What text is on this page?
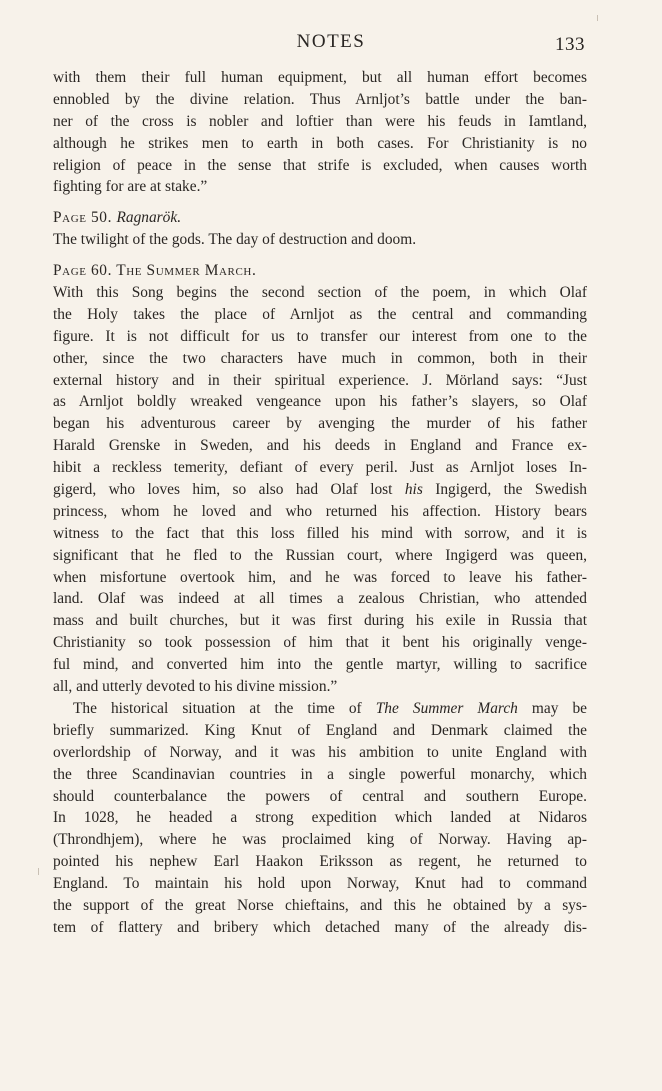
NOTES	133
with them their full human equipment, but all human effort becomes
ennobled by the divine relation. Thus Arnljot’s battle under the ban-
ner of the cross is nobler and loftier than were his feuds in Iamtland,
although he strikes men to earth in both cases. For Christianity is no
religion of peace in the sense that strife is excluded, when causes worth
fighting for are at stake.”
Page 50. Ragnarök.
The twilight of the gods. The day of destruction and doom.
Page 60. The Summer March.
With this Song begins the second section of the poem, in which Olaf
the Holy takes the place of Arnljot as the central and commanding
figure. It is not difficult for us to transfer our interest from one to the
other, since the two characters have much in common, both in their
external history and in their spiritual experience. J. Mörland says: “Just
as Arnljot boldly wreaked vengeance upon his father’s slayers, so Olaf
began his adventurous career by avenging the murder of his father
Harald Grenske in Sweden, and his deeds in England and France ex-
hibit a reckless temerity, defiant of every peril. Just as Arnljot loses In-
gigerd, who loves him, so also had Olaf lost his Ingigerd, the Swedish
princess, whom he loved and who returned his affection. History bears
witness to the fact that this loss filled his mind with sorrow, and it is
significant that he fled to the Russian court, where Ingigerd was queen,
when misfortune overtook him, and he was forced to leave his father-
land. Olaf was indeed at all times a zealous Christian, who attended
mass and built churches, but it was first during his exile in Russia that
Christianity so took possession of him that it bent his originally venge-
ful mind, and converted him into the gentle martyr, willing to sacrifice
all, and utterly devoted to his divine mission.”
The historical situation at the time of The Summer March may be
briefly summarized. King Knut of England and Denmark claimed the
overlordship of Norway, and it was his ambition to unite England with
the three Scandinavian countries in a single powerful monarchy, which
should counterbalance the powers of central and southern Europe.
In 1028, he headed a strong expedition which landed at Nidaros
(Throndhjem), where he was proclaimed king of Norway. Having ap-
pointed his nephew Earl Haakon Eriksson as regent, he returned to
England. To maintain his hold upon Norway, Knut had to command
the support of the great Norse chieftains, and this he obtained by a sys-
tem of flattery and bribery which detached many of the already dis-
